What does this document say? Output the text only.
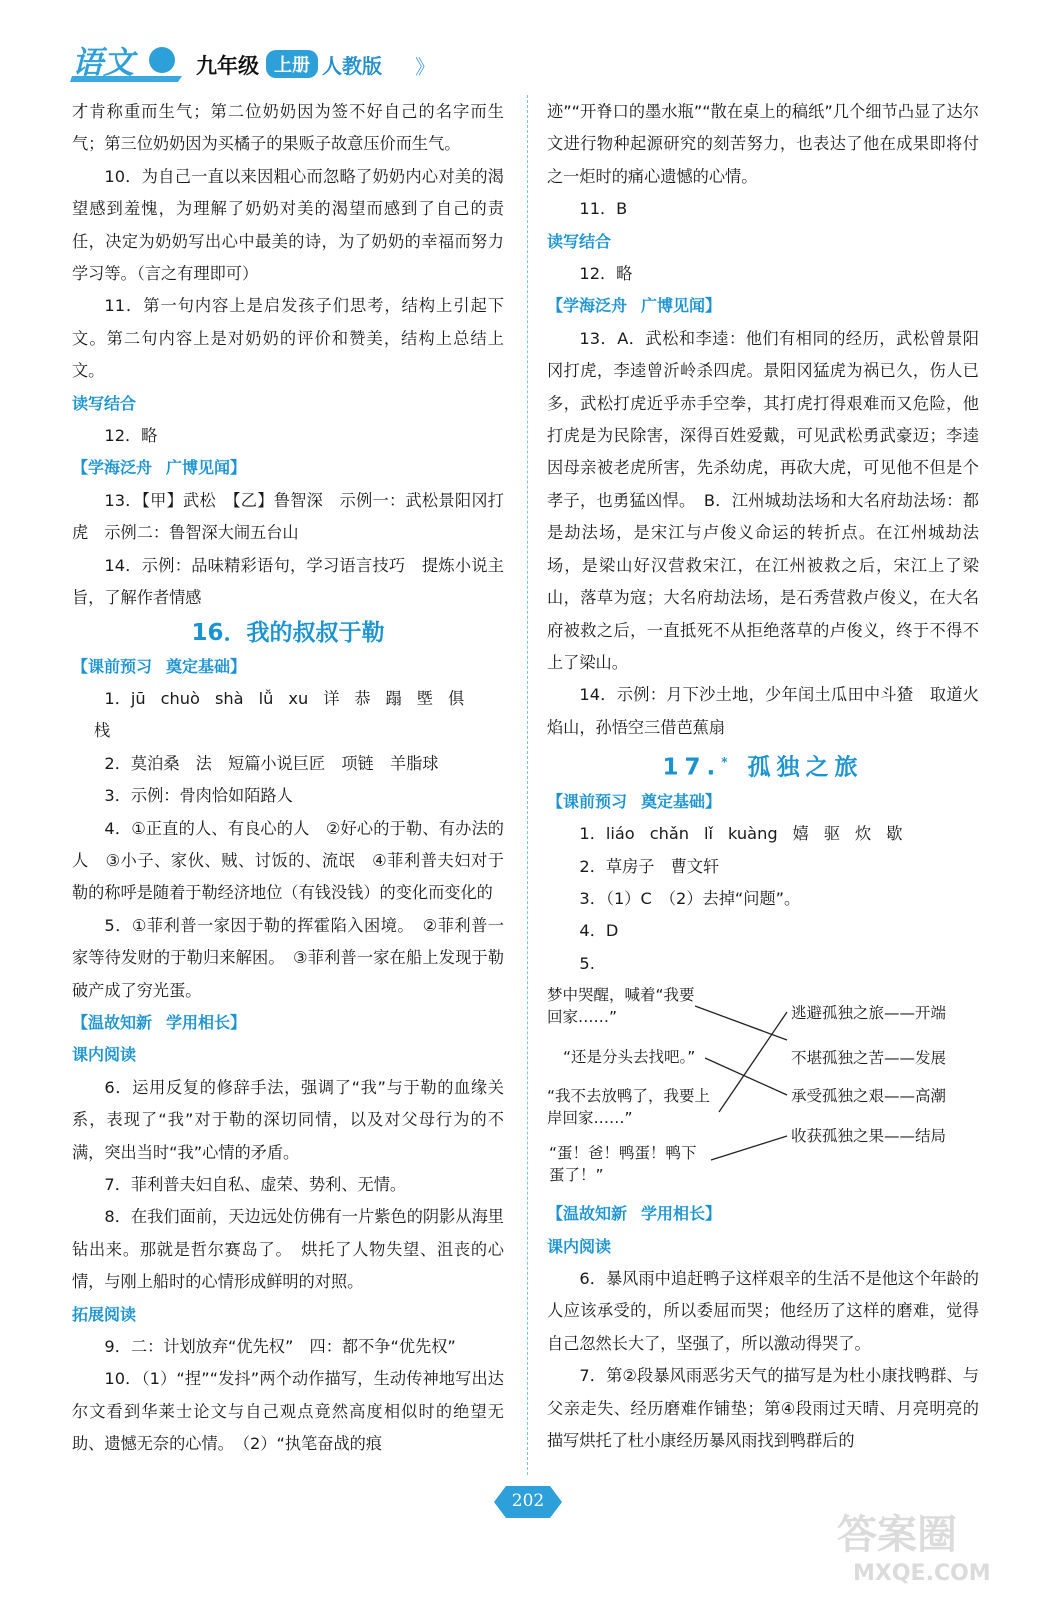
语文	九年级 上册 人教版 》

才肯称重而生气；第二位奶奶因为签不好自己的名字而生气；第三位奶奶因为买橘子的果贩子故意压价而生气。

10．为自己一直以来因粗心而忽略了奶奶内心对美的渴望感到羞愧，为理解了奶奶对美的渴望而感到了自己的责任，决定为奶奶写出心中最美的诗，为了奶奶的幸福而努力学习等。（言之有理即可）

11．第一句内容上是启发孩子们思考，结构上引起下文。第二句内容上是对奶奶的评价和赞美，结构上总结上文。

读写结合

12．略

【 学海泛舟 广博见闻 】

13．【甲】武松　【乙】鲁智深　示例一：武松景阳冈打虎　示例二：鲁智深大闹五台山

14．示例：品味精彩语句，学习语言技巧　提炼小说主旨，了解作者情感

16．我的叔叔于勒

【 课前预习 奠定基础 】

1．jū chuò shà lǚ xu 详 恭 蹋 塈 俱

栈

2．莫泊桑　法　短篇小说巨匠　项链　羊脂球

3．示例：骨肉恰如陌路人

4．①正直的人、有良心的人　②好心的于勒、有办法的人　③小子、家伙、贼、讨饭的、流氓　④菲利普夫妇对于勒的称呼是随着于勒经济地位（有钱没钱）的变化而变化的

5．①菲利普一家因于勒的挥霍陷入困境。　②菲利普一家等待发财的于勒归来解困。　③菲利普一家在船上发现于勒破产成了穷光蛋。

【 温故知新 学用相长 】

课内阅读

6．运用反复的修辞手法，强调了“我”与于勒的血缘关系，表现了“我”对于勒的深切同情，以及对父母行为的不满，突出当时“我”心情的矛盾。

7．菲利普夫妇自私、虚荣、势利、无情。

8．在我们面前，天边远处仿佛有一片紫色的阴影从海里钻出来。那就是哲尔赛岛了。　烘托了人物失望、沮丧的心情，与刚上船时的心情形成鲜明的对照。

拓展阅读

9．二：计划放弃“优先权”　四：都不争“优先权”

10．（1）“捏”“发抖”两个动作描写，生动传神地写出达尔文看到华莱士论文与自己观点竟然高度相似时的绝望无助、遗憾无奈的心情。　（2）“执笔奋战的痕

迹”“开脊口的墨水瓶”“散在桌上的稿纸”几个细节凸显了达尔文进行物种起源研究的刻苦努力，也表达了他在成果即将付之一炬时的痛心遗憾的心情。

11．B

读写结合

12．略

【 学海泛舟 广博见闻 】

13．A．武松和李逵：他们有相同的经历，武松曾景阳冈打虎，李逵曾沂岭杀四虎。景阳冈猛虎为祸已久，伤人已多，武松打虎近乎赤手空拳，其打虎打得艰难而又危险，他打虎是为民除害，深得百姓爱戴，可见武松勇武豪迈；李逵因母亲被老虎所害，先杀幼虎，再砍大虎，可见他不但是个孝子，也勇猛凶悍。　B．江州城劫法场和大名府劫法场：都是劫法场，是宋江与卢俊义命运的转折点。在江州城劫法场，是梁山好汉营救宋江，在江州被救之后，宋江上了梁山，落草为寇；大名府劫法场，是石秀营救卢俊义，在大名府被救之后，一直抵死不从拒绝落草的卢俊义，终于不得不上了梁山。

14．示例：月下沙土地，少年闰土瓜田中斗猹　取道火焰山，孙悟空三借芭蕉扇

17.* 孤独之旅

【 课前预习 奠定基础 】

1．liáo chǎn lǐ kuàng 嬉 驱 炊 歇

2．草房子　曹文轩

3．（1）C　（2）去掉“问题”。

4．D

5.

梦中哭醒，喊着“我要回家……”
“还是分头去找吧。”
“我不去放鸭了，我要上岸回家……”
“蛋！爸！鸭蛋！鸭下蛋了！”
逃避孤独之旅——开端
不堪孤独之苦——发展
承受孤独之艰——高潮
收获孤独之果——结局

【 温故知新 学用相长 】

课内阅读

6．暴风雨中追赶鸭子这样艰辛的生活不是他这个年龄的人应该承受的，所以委屈而哭；他经历了这样的磨难，觉得自己忽然长大了，坚强了，所以激动得哭了。

7．第②段暴风雨恶劣天气的描写是为杜小康找鸭群、与父亲走失、经历磨难作铺垫；第④段雨过天晴、月亮明亮的描写烘托了杜小康经历暴风雨找到鸭群后的

202
答案圈
MXQE.COM
